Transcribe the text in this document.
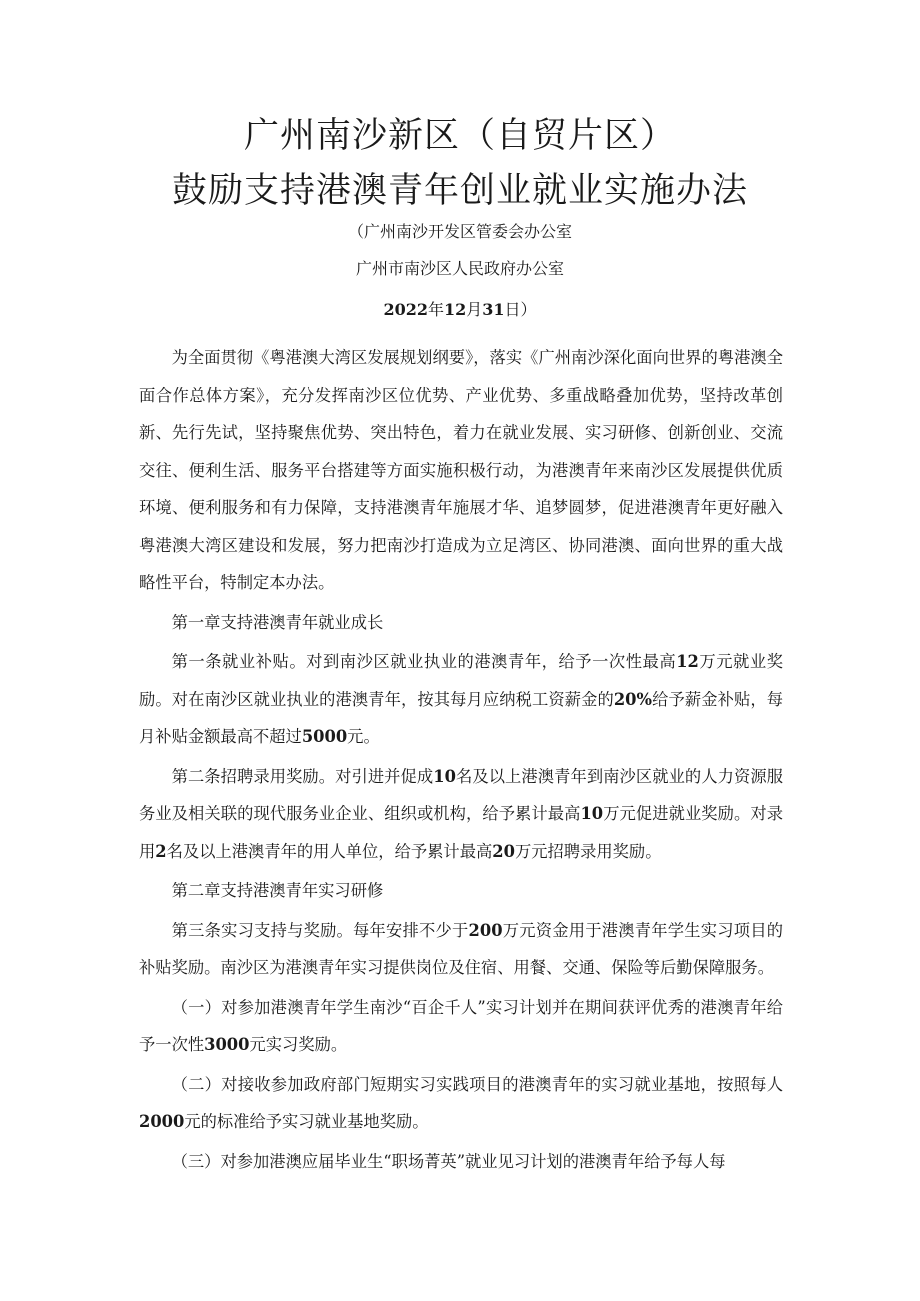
广州南沙新区（自贸片区）
鼓励支持港澳青年创业就业实施办法
（广州南沙开发区管委会办公室
广州市南沙区人民政府办公室
2022年12月31日）

为全面贯彻《粤港澳大湾区发展规划纲要》，落实《广州南沙深化面向世界的粤港澳全面合作总体方案》，充分发挥南沙区位优势、产业优势、多重战略叠加优势，坚持改革创新、先行先试，坚持聚焦优势、突出特色，着力在就业发展、实习研修、创新创业、交流交往、便利生活、服务平台搭建等方面实施积极行动，为港澳青年来南沙区发展提供优质环境、便利服务和有力保障，支持港澳青年施展才华、追梦圆梦，促进港澳青年更好融入粤港澳大湾区建设和发展，努力把南沙打造成为立足湾区、协同港澳、面向世界的重大战略性平台，特制定本办法。

第一章支持港澳青年就业成长

第一条就业补贴。对到南沙区就业执业的港澳青年，给予一次性最高12万元就业奖励。对在南沙区就业执业的港澳青年，按其每月应纳税工资薪金的20%给予薪金补贴，每月补贴金额最高不超过5000元。

第二条招聘录用奖励。对引进并促成10名及以上港澳青年到南沙区就业的人力资源服务业及相关联的现代服务业企业、组织或机构，给予累计最高10万元促进就业奖励。对录用2名及以上港澳青年的用人单位，给予累计最高20万元招聘录用奖励。

第二章支持港澳青年实习研修

第三条实习支持与奖励。每年安排不少于200万元资金用于港澳青年学生实习项目的补贴奖励。南沙区为港澳青年实习提供岗位及住宿、用餐、交通、保险等后勤保障服务。

（一）对参加港澳青年学生南沙“百企千人”实习计划并在期间获评优秀的港澳青年给予一次性3000元实习奖励。

（二）对接收参加政府部门短期实习实践项目的港澳青年的实习就业基地，按照每人2000元的标准给予实习就业基地奖励。

（三）对参加港澳应届毕业生“职场菁英”就业见习计划的港澳青年给予每人每
